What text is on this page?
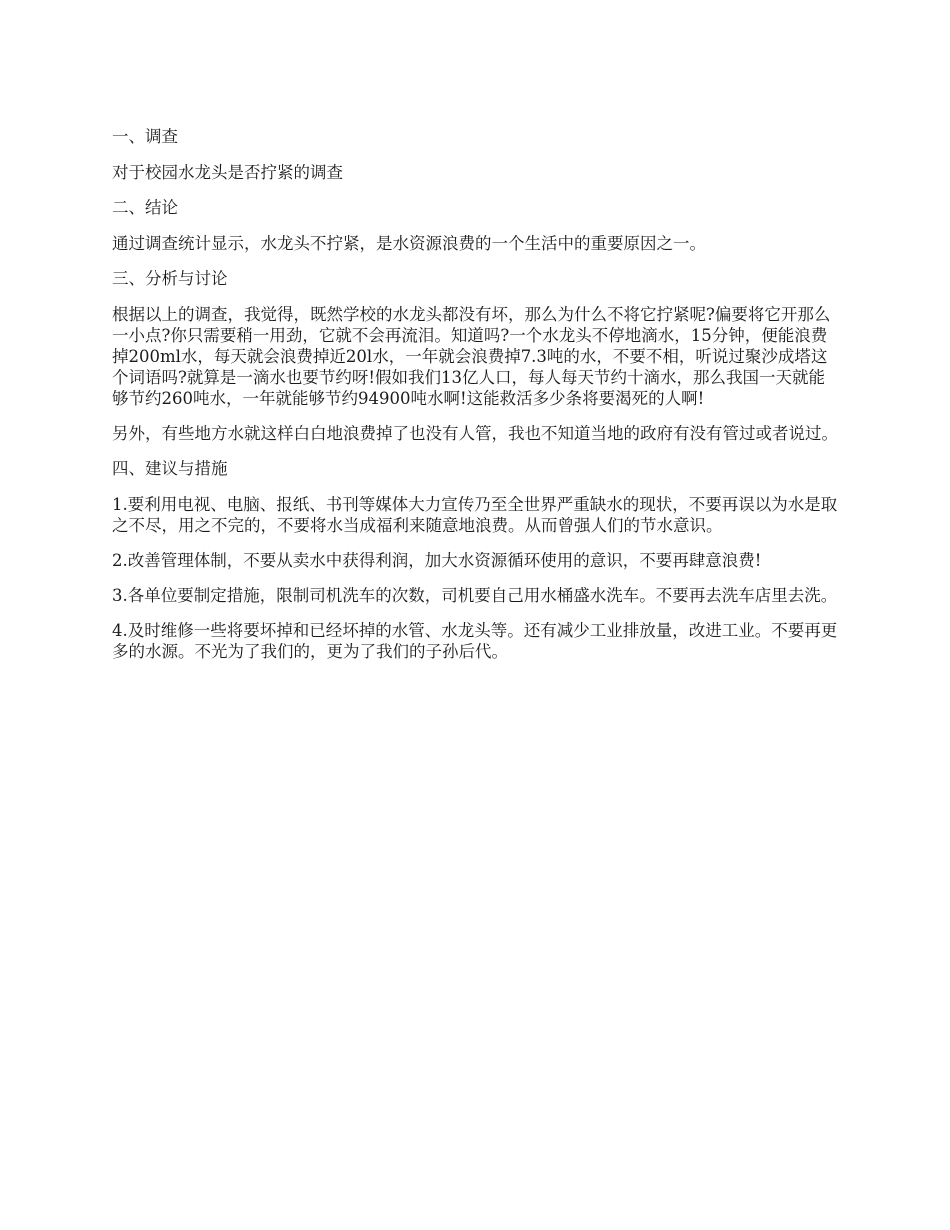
一、调查

对于校园水龙头是否拧紧的调查

二、结论

通过调查统计显示，水龙头不拧紧，是水资源浪费的一个生活中的重要原因之一。

三、分析与讨论

根据以上的调查，我觉得，既然学校的水龙头都没有坏，那么为什么不将它拧紧呢?偏要将它开那么一小点?你只需要稍一用劲，它就不会再流泪。知道吗?一个水龙头不停地滴水，15分钟，便能浪费掉200ml水，每天就会浪费掉近20l水，一年就会浪费掉7.3吨的水，不要不相，听说过聚沙成塔这个词语吗?就算是一滴水也要节约呀!假如我们13亿人口，每人每天节约十滴水，那么我国一天就能够节约260吨水，一年就能够节约94900吨水啊!这能救活多少条将要渴死的人啊!

另外，有些地方水就这样白白地浪费掉了也没有人管，我也不知道当地的政府有没有管过或者说过。

四、建议与措施

1.要利用电视、电脑、报纸、书刊等媒体大力宣传乃至全世界严重缺水的现状，不要再误以为水是取之不尽，用之不完的，不要将水当成福利来随意地浪费。从而曾强人们的节水意识。

2.改善管理体制，不要从卖水中获得利润，加大水资源循环使用的意识，不要再肆意浪费!

3.各单位要制定措施，限制司机洗车的次数，司机要自己用水桶盛水洗车。不要再去洗车店里去洗。

4.及时维修一些将要坏掉和已经坏掉的水管、水龙头等。还有减少工业排放量，改进工业。不要再更多的水源。不光为了我们的，更为了我们的子孙后代。
